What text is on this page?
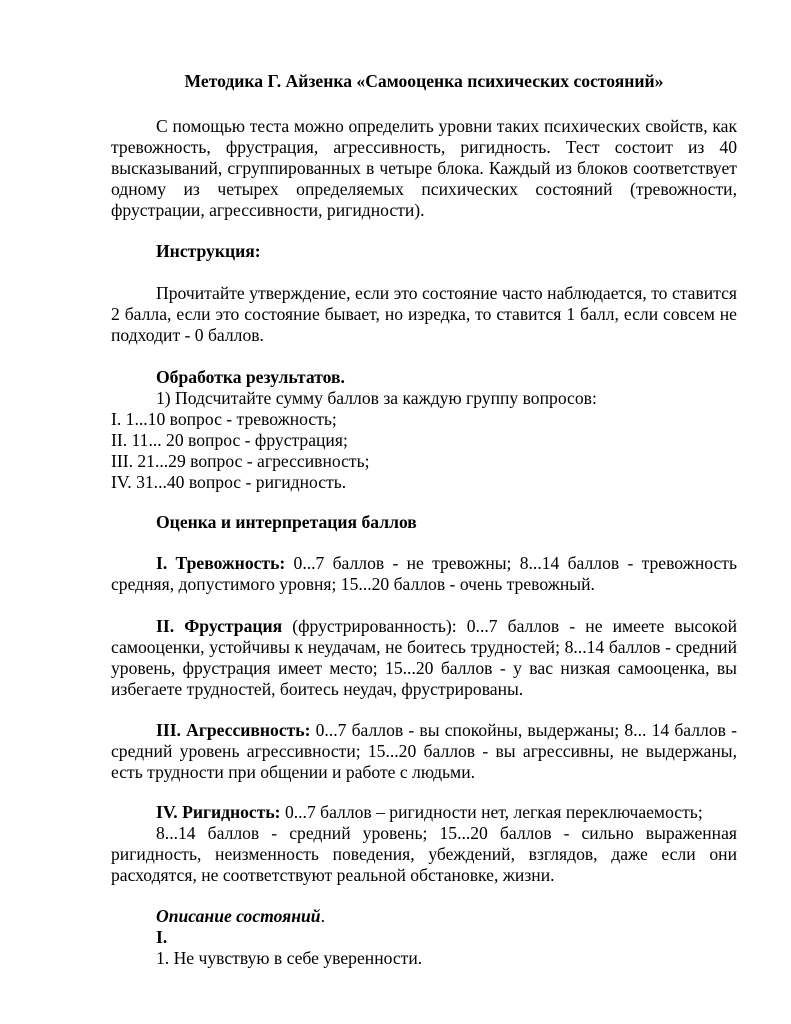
Методика Г. Айзенка «Самооценка психических состояний»

С помощью теста можно определить уровни таких психических свойств, как тревожность, фрустрация, агрессивность, ригидность. Тест состоит из 40 высказываний, сгруппированных в четыре блока. Каждый из блоков соответствует одному из четырех определяемых психических состояний (тревожности, фрустрации, агрессивности, ригидности).

Инструкция:

Прочитайте утверждение, если это состояние часто наблюдается, то ставится 2 балла, если это состояние бывает, но изредка, то ставится 1 балл, если совсем не подходит - 0 баллов.

Обработка результатов.
1) Подсчитайте сумму баллов за каждую группу вопросов:
I. 1...10 вопрос - тревожность;
II. 11... 20 вопрос - фрустрация;
III. 21...29 вопрос - агрессивность;
IV. 31...40 вопрос - ригидность.

Оценка и интерпретация баллов

I. Тревожность: 0...7 баллов - не тревожны; 8...14 баллов - тревожность средняя, допустимого уровня; 15...20 баллов - очень тревожный.

II. Фрустрация (фрустрированность): 0...7 баллов - не имеете высокой самооценки, устойчивы к неудачам, не боитесь трудностей; 8...14 баллов - средний уровень, фрустрация имеет место; 15...20 баллов - у вас низкая самооценка, вы избегаете трудностей, боитесь неудач, фрустрированы.

III. Агрессивность: 0...7 баллов - вы спокойны, выдержаны; 8... 14 баллов - средний уровень агрессивности; 15...20 баллов - вы агрессивны, не выдержаны, есть трудности при общении и работе с людьми.

IV. Ригидность: 0...7 баллов – ригидности нет, легкая переключаемость;

8...14 баллов - средний уровень; 15...20 баллов - сильно выраженная ригидность, неизменность поведения, убеждений, взглядов, даже если они расходятся, не соответствуют реальной обстановке, жизни.

Описание состояний.
I.
1. Не чувствую в себе уверенности.
